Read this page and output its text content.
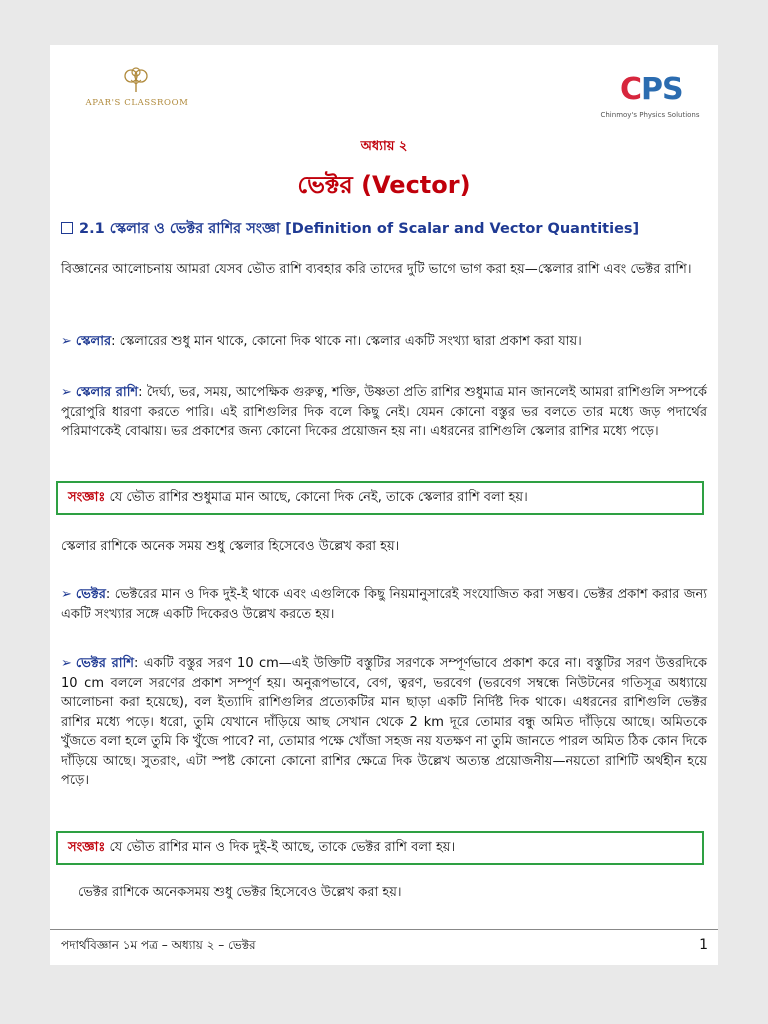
APAR'S CLASSROOM	CPS
Chinmoy's Physics Solutions
অধ্যায় ২
ভেক্টর (Vector)
2.1 স্কেলার ও ভেক্টর রাশির সংজ্ঞা [Definition of Scalar and Vector Quantities]
বিজ্ঞানের আলোচনায় আমরা যেসব ভৌত রাশি ব্যবহার করি তাদের দুটি ভাগে ভাগ করা হয়—স্কেলার রাশি এবং ভেক্টর রাশি।
➢ স্কেলার: স্কেলারের শুধু মান থাকে, কোনো দিক থাকে না। স্কেলার একটি সংখ্যা দ্বারা প্রকাশ করা যায়।
➢ স্কেলার রাশি: দৈর্ঘ্য, ভর, সময়, আপেক্ষিক গুরুত্ব, শক্তি, উষ্ণতা প্রতি রাশির শুধুমাত্র মান জানলেই আমরা রাশিগুলি সম্পর্কে পুরোপুরি ধারণা করতে পারি। এই রাশিগুলির দিক বলে কিছু নেই। যেমন কোনো বস্তুর ভর বলতে তার মধ্যে জড় পদার্থের পরিমাণকেই বোঝায়। ভর প্রকাশের জন্য কোনো দিকের প্রয়োজন হয় না। এধরনের রাশিগুলি স্কেলার রাশির মধ্যে পড়ে।
সংজ্ঞাঃ যে ভৌত রাশির শুধুমাত্র মান আছে, কোনো দিক নেই, তাকে স্কেলার রাশি বলা হয়।
স্কেলার রাশিকে অনেক সময় শুধু স্কেলার হিসেবেও উল্লেখ করা হয়।
➢ ভেক্টর: ভেক্টরের মান ও দিক দুই-ই থাকে এবং এগুলিকে কিছু নিয়মানুসারেই সংযোজিত করা সম্ভব। ভেক্টর প্রকাশ করার জন্য একটি সংখ্যার সঙ্গে একটি দিকেরও উল্লেখ করতে হয়।
➢ ভেক্টর রাশি: একটি বস্তুর সরণ 10 cm—এই উক্তিটি বস্তুটির সরণকে সম্পূর্ণভাবে প্রকাশ করে না। বস্তুটির সরণ উত্তরদিকে 10 cm বললে সরণের প্রকাশ সম্পূর্ণ হয়। অনুরূপভাবে, বেগ, ত্বরণ, ভরবেগ (ভরবেগ সম্বন্ধে নিউটনের গতিসূত্র অধ্যায়ে আলোচনা করা হয়েছে), বল ইত্যাদি রাশিগুলির প্রত্যেকটির মান ছাড়া একটি নির্দিষ্ট দিক থাকে। এধরনের রাশিগুলি ভেক্টর রাশির মধ্যে পড়ে। ধরো, তুমি যেখানে দাঁড়িয়ে আছ সেখান থেকে 2 km দূরে তোমার বন্ধু অমিত দাঁড়িয়ে আছে। অমিতকে খুঁজতে বলা হলে তুমি কি খুঁজে পাবে? না, তোমার পক্ষে খোঁজা সহজ নয় যতক্ষণ না তুমি জানতে পারল অমিত ঠিক কোন দিকে দাঁড়িয়ে আছে। সুতরাং, এটা স্পষ্ট কোনো কোনো রাশির ক্ষেত্রে দিক উল্লেখ অত্যন্ত প্রয়োজনীয়—নয়তো রাশিটি অর্থহীন হয়ে পড়ে।
সংজ্ঞাঃ যে ভৌত রাশির মান ও দিক দুই-ই আছে, তাকে ভেক্টর রাশি বলা হয়।
ভেক্টর রাশিকে অনেকসময় শুধু ভেক্টর হিসেবেও উল্লেখ করা হয়।
পদার্থবিজ্ঞান ১ম পত্র – অধ্যায় ২ – ভেক্টর	1
